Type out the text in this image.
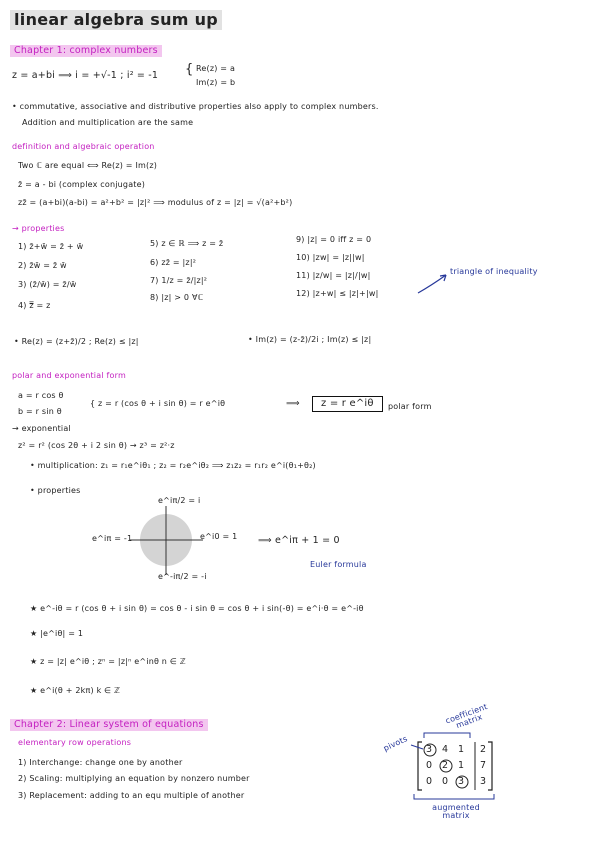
linear algebra sum up
Chapter 1: complex numbers
z = a+bi ⟹ i = +√-1 ; i² = -1 { Re(z) = a
Im(z) = b
• commutative, associative and distributive properties also apply to complex numbers.
Addition and multiplication are the same
definition and algebraic operation
Two ℂ are equal ⟺ Re(z) = Im(z)
z̄ = a - bi (complex conjugate)
zz̄ = (a+bi)(a-bi) = a²+b² = |z|² ⟹ modulus of z = |z| = √(a²+b²)
→ properties
1) z̄+w̄ = z̄ + w̄
2) z̄w̄ = z̄ w̄
3) (z̄/w̄) = z̄/w̄
4) z̿ = z
5) z ∈ ℝ ⟹ z = z̄
6) zz̄ = |z|²
7) 1/z = z̄/|z|²
8) |z| > 0 ∀ℂ
9) |z| = 0 iff z = 0
10) |zw| = |z||w|
11) |z/w| = |z|/|w|
12) |z+w| ≤ |z|+|w|
triangle of inequality
• Re(z) = (z+z̄)/2 ; Re(z) ≤ |z|	• Im(z) = (z-z̄)/2i ; Im(z) ≤ |z|
polar and exponential form
a = r cos θ
b = r sin θ
{ z = r (cos θ + i sin θ) = r e^iθ	⟹	z = r e^iθ	polar form
→ exponential
z² = r² (cos 2θ + i 2 sin θ) → z³ = z²·z
• multiplication: z₁ = r₁e^iθ₁ ; z₂ = r₂e^iθ₂ ⟹ z₁z₂ = r₁r₂ e^i(θ₁+θ₂)
• properties
e^iπ/2 = i
e^iπ = -1	e^i0 = 1
e^-iπ/2 = -i
⟹ e^iπ + 1 = 0
Euler formula
★ e^-iθ = r (cos θ + i sin θ) = cos θ - i sin θ = cos θ + i sin(-θ) = e^i·θ = e^-iθ
★ |e^iθ| = 1
★ z = |z| e^iθ ; zⁿ = |z|ⁿ e^inθ n ∈ ℤ
★ e^i(θ + 2kπ) k ∈ ℤ
Chapter 2: Linear system of equations
elementary row operations
1) Interchange: change one by another
2) Scaling: multiplying an equation by nonzero number
3) Replacement: adding to an equ multiple of another
pivots
coefficient matrix
3 4 1 2
0 2 1 7
0 0 3 3
augmented matrix
